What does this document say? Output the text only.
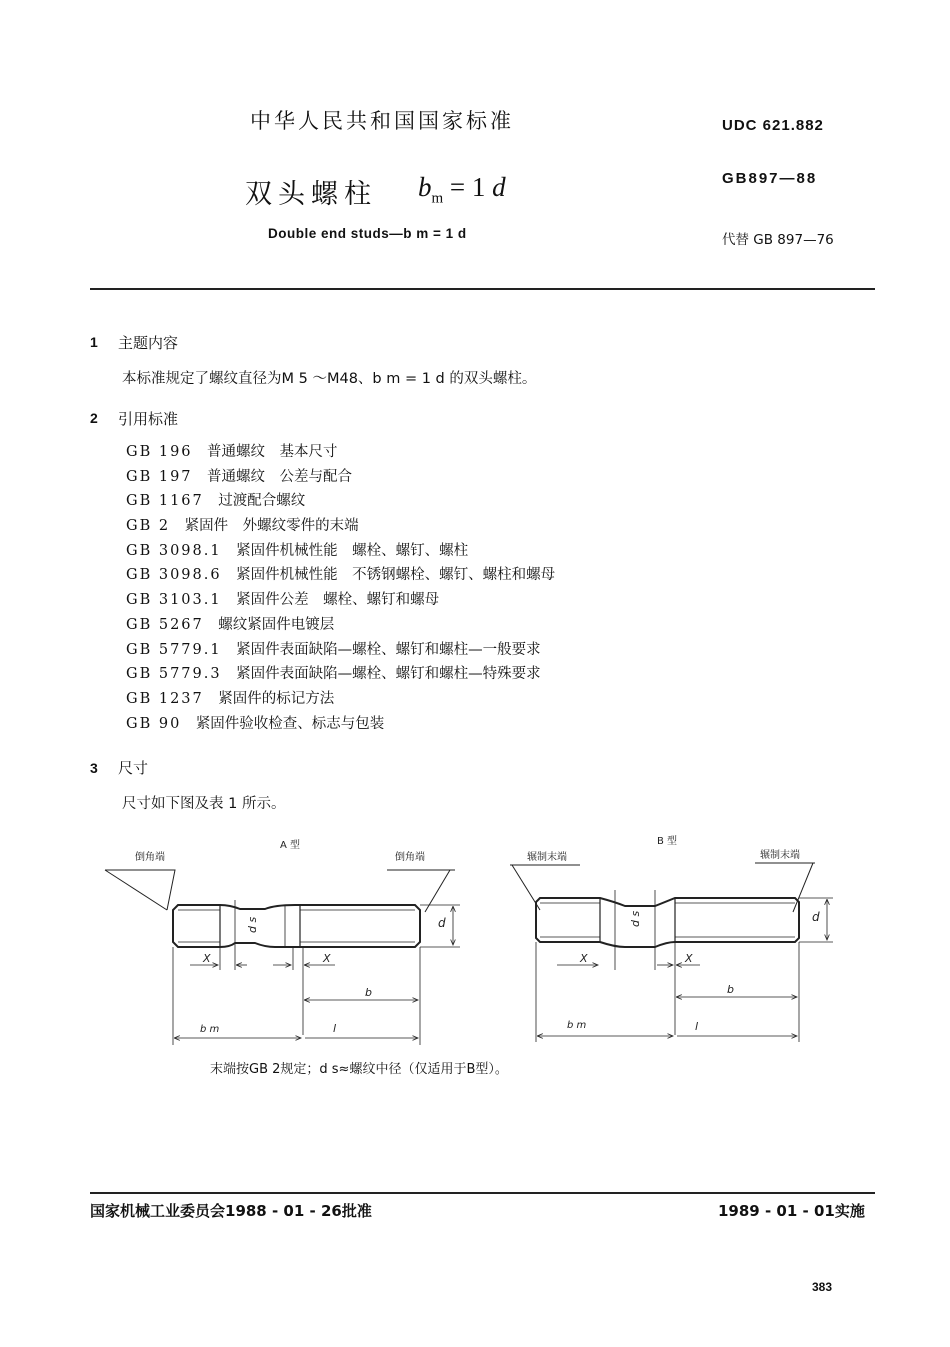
中华人民共和国国家标准	UDC 621.882
双头螺柱 $b_m = 1$ d	GB897—88
Double end studs—b m = 1 d	代替 GB 897—76
1 主题内容
本标准规定了螺纹直径为M 5 ～M48、b m = 1 d 的双头螺柱。
2 引用标准
GB 196　 普通螺纹　基本尺寸
GB 197　 普通螺纹　公差与配合
GB 1167　 过渡配合螺纹
GB 2　 紧固件　外螺纹零件的末端
GB 3098.1　 紧固件机械性能　螺栓、螺钉、螺柱
GB 3098.6　 紧固件机械性能　不锈钢螺栓、螺钉、螺柱和螺母
GB 3103.1　 紧固件公差　螺栓、螺钉和螺母
GB 5267　 螺纹紧固件电镀层
GB 5779.1　 紧固件表面缺陷—螺栓、螺钉和螺柱—一般要求
GB 5779.3　 紧固件表面缺陷—螺栓、螺钉和螺柱—特殊要求
GB 1237　 紧固件的标记方法
GB 90　 紧固件验收检查、标志与包装
3 尺寸
尺寸如下图及表 1 所示。
A 型
倒角端	倒角端
d s	d
X	X
b
b m	l
B 型
辗制末端	辗制末端
d s	d
X	X
b
b m	l
末端按GB 2规定；d s≈螺纹中径（仅适用于B型）。
国家机械工业委员会1988 - 01 - 26批准	1989 - 01 - 01实施
383
